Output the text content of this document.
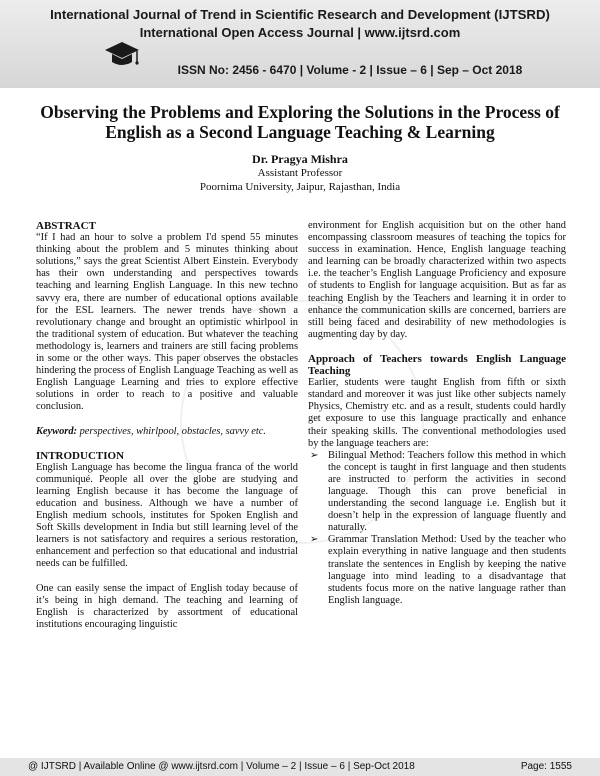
International Journal of Trend in Scientific Research and Development (IJTSRD)
International Open Access Journal | www.ijtsrd.com
ISSN No: 2456 - 6470 | Volume - 2 | Issue – 6 | Sep – Oct 2018
Observing the Problems and Exploring the Solutions in the Process of
English as a Second Language Teaching & Learning
Dr. Pragya Mishra
Assistant Professor
Poornima University, Jaipur, Rajasthan, India
ABSTRACT

“If I had an hour to solve a problem I'd spend 55 minutes thinking about the problem and 5 minutes thinking about solutions,” says the great Scientist Albert Einstein. Everybody has their own understanding and perspectives towards teaching and learning English Language. In this new techno savvy era, there are number of educational options available for the ESL learners. The newer trends have shown a revolutionary change and brought an optimistic whirlpool in the traditional system of education. But whatever the teaching methodology is, learners and trainers are still facing problems in some or the other ways. This paper observes the obstacles hindering the process of English Language Teaching as well as English Language Learning and tries to explore effective solutions in order to reach to a positive and valuable conclusion.

Keyword: perspectives, whirlpool, obstacles, savvy etc.

INTRODUCTION

English Language has become the lingua franca of the world communiqué. People all over the globe are studying and learning English because it has become the language of education and business. Although we have a number of English medium schools, institutes for Spoken English and Soft Skills development in India but still learning level of the learners is not satisfactory and requires a serious restoration, enhancement and perfection so that educational and industrial needs can be fulfilled.

One can easily sense the impact of English today because of it’s being in high demand. The teaching and learning of English is characterized by assortment of educational institutions encouraging linguistic

environment for English acquisition but on the other hand encompassing classroom measures of teaching the topics for success in examination. Hence, English language teaching and learning can be broadly characterized within two aspects i.e. the teacher’s English Language Proficiency and exposure of students to English for language acquisition. But as far as teaching English by the Teachers and learning it in order to enhance the communication skills are concerned, barriers are still being faced and desirability of new methodologies is augmenting day by day.

Approach of Teachers towards English Language Teaching

Earlier, students were taught English from fifth or sixth standard and moreover it was just like other subjects namely Physics, Chemistry etc. and as a result, students could hardly get exposure to use this language practically and enhance their speaking skills. The conventional methodologies used by the language teachers are:

➢ Bilingual Method: Teachers follow this method in which the concept is taught in first language and then students are instructed to perform the activities in second language. Though this can prove beneficial in understanding the second language i.e. English but it doesn’t help in the expression of language fluently and naturally.
➢ Grammar Translation Method: Used by the teacher who explain everything in native language and then students translate the sentences in English by keeping the native language into mind leading to a disadvantage that students focus more on the native language rather than English language.
@ IJTSRD | Available Online @ www.ijtsrd.com | Volume – 2 | Issue – 6 | Sep-Oct 2018	Page: 1555
